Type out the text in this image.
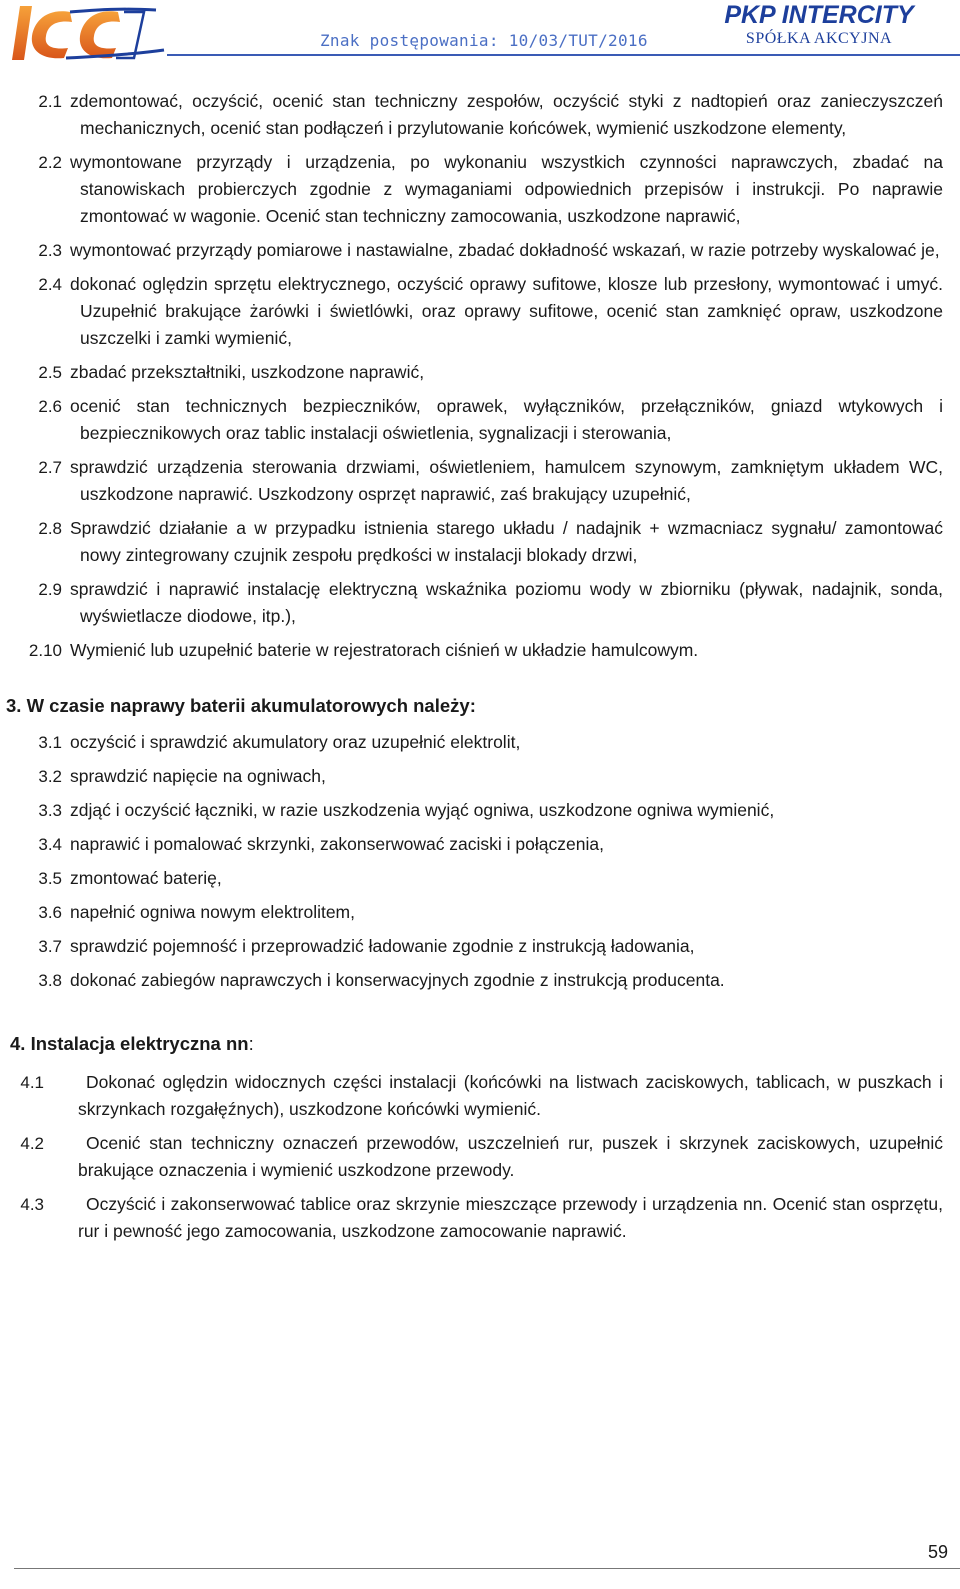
Znak postępowania: 10/03/TUT/2016
PKP INTERCITY
SPÓŁKA AKCYJNA
2.1 zdemontować, oczyścić, ocenić stan techniczny zespołów, oczyścić styki z nadtopień oraz zanieczyszczeń mechanicznych, ocenić stan podłączeń i przylutowanie końcówek, wymienić uszkodzone elementy,
2.2 wymontowane przyrządy i urządzenia, po wykonaniu wszystkich czynności naprawczych, zbadać na stanowiskach probierczych zgodnie z wymaganiami odpowiednich przepisów i instrukcji. Po naprawie zmontować w wagonie. Ocenić stan techniczny zamocowania, uszkodzone naprawić,
2.3 wymontować przyrządy pomiarowe i nastawialne, zbadać dokładność wskazań, w razie potrzeby wyskalować je,
2.4 dokonać oględzin sprzętu elektrycznego, oczyścić oprawy sufitowe, klosze lub przesłony, wymontować i umyć. Uzupełnić brakujące żarówki i świetlówki, oraz oprawy sufitowe, ocenić stan zamknięć opraw, uszkodzone uszczelki i zamki wymienić,
2.5 zbadać przekształtniki, uszkodzone naprawić,
2.6 ocenić stan technicznych bezpieczników, oprawek, wyłączników, przełączników, gniazd wtykowych i bezpiecznikowych oraz tablic instalacji oświetlenia, sygnalizacji i sterowania,
2.7 sprawdzić urządzenia sterowania drzwiami, oświetleniem, hamulcem szynowym, zamkniętym układem WC, uszkodzone naprawić. Uszkodzony osprzęt naprawić, zaś brakujący uzupełnić,
2.8 Sprawdzić działanie a w przypadku istnienia starego układu / nadajnik + wzmacniacz sygnału/ zamontować nowy zintegrowany czujnik zespołu prędkości w instalacji blokady drzwi,
2.9 sprawdzić i naprawić instalację elektryczną wskaźnika poziomu wody w zbiorniku (pływak, nadajnik, sonda, wyświetlacze diodowe, itp.),
2.10 Wymienić lub uzupełnić baterie w rejestratorach ciśnień w układzie hamulcowym.
3. W czasie naprawy baterii akumulatorowych należy:
3.1 oczyścić i sprawdzić akumulatory oraz uzupełnić elektrolit,
3.2 sprawdzić napięcie na ogniwach,
3.3 zdjąć i oczyścić łączniki, w razie uszkodzenia wyjąć ogniwa, uszkodzone ogniwa wymienić,
3.4 naprawić i pomalować skrzynki, zakonserwować zaciski i połączenia,
3.5 zmontować baterię,
3.6 napełnić ogniwa nowym elektrolitem,
3.7 sprawdzić pojemność i przeprowadzić ładowanie zgodnie z instrukcją ładowania,
3.8 dokonać zabiegów naprawczych i konserwacyjnych zgodnie z instrukcją producenta.
4. Instalacja elektryczna nn:
4.1	Dokonać oględzin widocznych części instalacji (końcówki na listwach zaciskowych, tablicach, w puszkach i skrzynkach rozgałęźnych), uszkodzone końcówki wymienić.
4.2	Ocenić stan techniczny oznaczeń przewodów, uszczelnień rur, puszek i skrzynek zaciskowych, uzupełnić brakujące oznaczenia i wymienić uszkodzone przewody.
4.3	Oczyścić i zakonserwować tablice oraz skrzynie mieszczące przewody i urządzenia nn. Ocenić stan osprzętu, rur i pewność jego zamocowania, uszkodzone zamocowanie naprawić.
59
